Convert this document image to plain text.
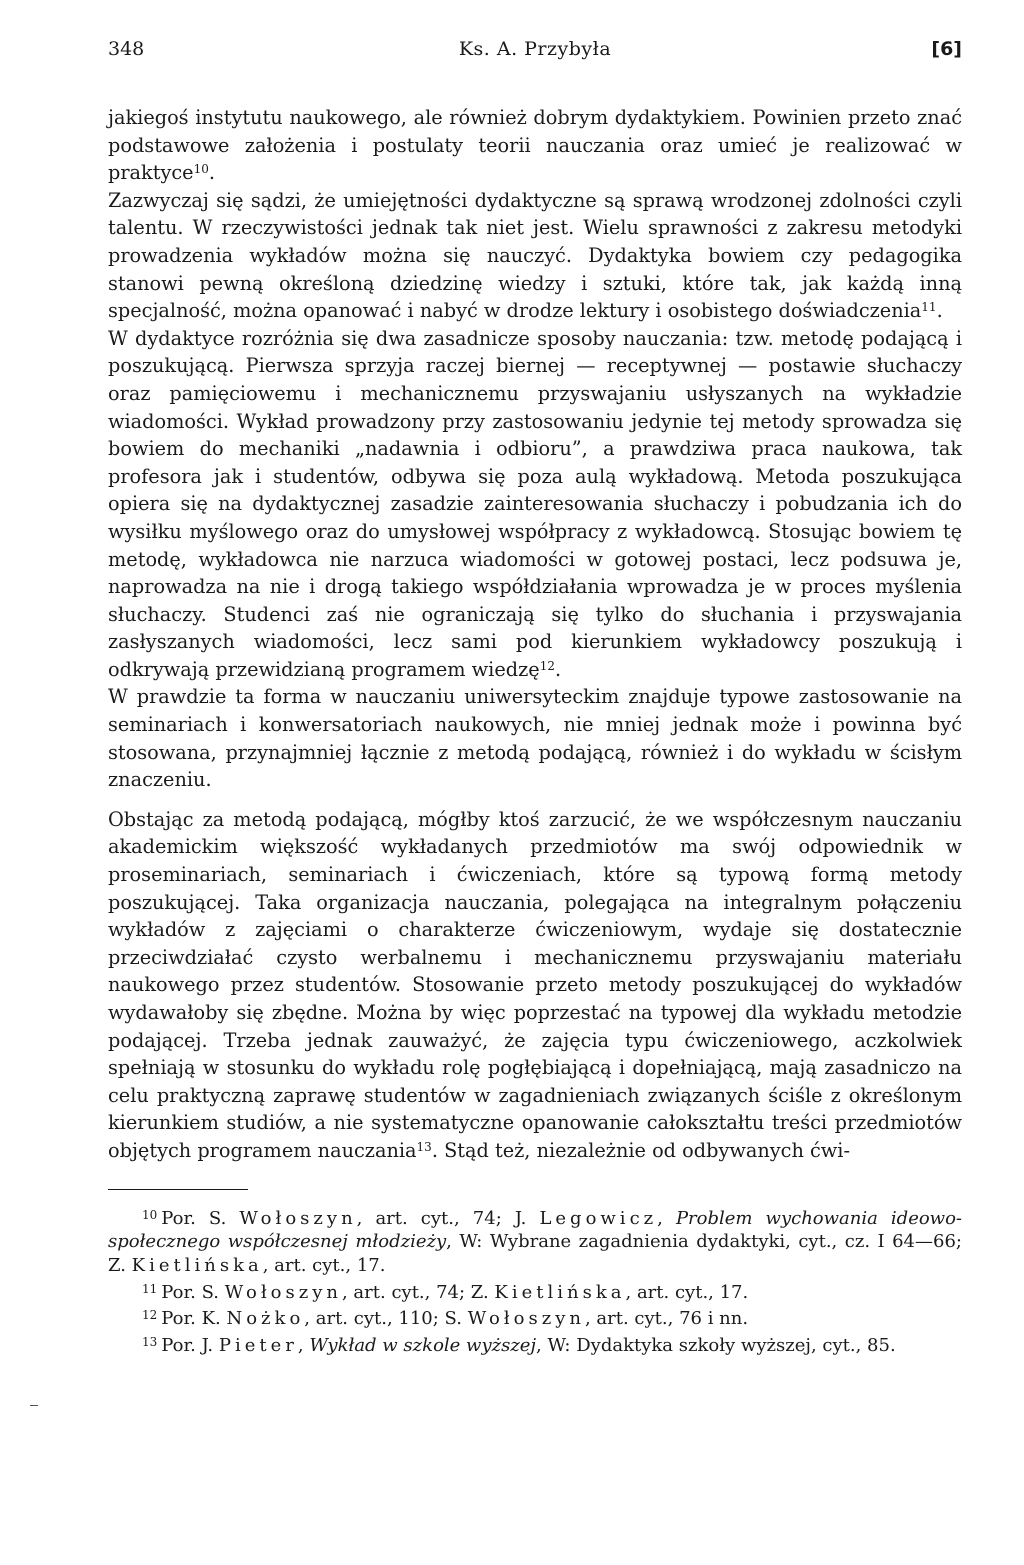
348	Ks. A. Przybyła	[6]

jakiegoś instytutu naukowego, ale również dobrym dydaktykiem. Powinien przeto znać podstawowe założenia i postulaty teorii nauczania oraz umieć je realizować w praktyce$^{10}$.

Zazwyczaj się sądzi, że umiejętności dydaktyczne są sprawą wrodzonej zdolności czyli talentu. W rzeczywistości jednak tak niet jest. Wielu sprawności z zakresu metodyki prowadzenia wykładów można się nauczyć. Dydaktyka bowiem czy pedagogika stanowi pewną określoną dziedzinę wiedzy i sztuki, które tak, jak każdą inną specjalność, można opanować i nabyć w drodze lektury i osobistego doświadczenia$^{11}$.

W dydaktyce rozróżnia się dwa zasadnicze sposoby nauczania: tzw. metodę podającą i poszukującą. Pierwsza sprzyja raczej biernej — receptywnej — postawie słuchaczy oraz pamięciowemu i mechanicznemu przyswajaniu usłyszanych na wykładzie wiadomości. Wykład prowadzony przy zastosowaniu jedynie tej metody sprowadza się bowiem do mechaniki „nadawnia i odbioru”, a prawdziwa praca naukowa, tak profesora jak i studentów, odbywa się poza aulą wykładową. Metoda poszukująca opiera się na dydaktycznej zasadzie zainteresowania słuchaczy i pobudzania ich do wysiłku myślowego oraz do umysłowej współpracy z wykładowcą. Stosując bowiem tę metodę, wykładowca nie narzuca wiadomości w gotowej postaci, lecz podsuwa je, naprowadza na nie i drogą takiego współdziałania wprowadza je w proces myślenia słuchaczy. Studenci zaś nie ograniczają się tylko do słuchania i przyswajania zasłyszanych wiadomości, lecz sami pod kierunkiem wykładowcy poszukują i odkrywają przewidzianą programem wiedzę$^{12}$.

W prawdzie ta forma w nauczaniu uniwersyteckim znajduje typowe zastosowanie na seminariach i konwersatoriach naukowych, nie mniej jednak może i powinna być stosowana, przynajmniej łącznie z metodą podającą, również i do wykładu w ścisłym znaczeniu.

Obstając za metodą podającą, mógłby ktoś zarzucić, że we współczesnym nauczaniu akademickim większość wykładanych przedmiotów ma swój odpowiednik w proseminariach, seminariach i ćwiczeniach, które są typową formą metody poszukującej. Taka organizacja nauczania, polegająca na integralnym połączeniu wykładów z zajęciami o charakterze ćwiczeniowym, wydaje się dostatecznie przeciwdziałać czysto werbalnemu i mechanicznemu przyswajaniu materiału naukowego przez studentów. Stosowanie przeto metody poszukującej do wykładów wydawałoby się zbędne. Można by więc poprzestać na typowej dla wykładu metodzie podającej. Trzeba jednak zauważyć, że zajęcia typu ćwiczeniowego, aczkolwiek spełniają w stosunku do wykładu rolę pogłębiającą i dopełniającą, mają zasadniczo na celu praktyczną zaprawę studentów w zagadnieniach związanych ściśle z określonym kierunkiem studiów, a nie systematyczne opanowanie całokształtu treści przedmiotów objętych programem nauczania$^{13}$. Stąd też, niezależnie od odbywanych ćwi-

$^{10}$ Por. S. Wołoszyn, art. cyt., 74; J. Legowicz, Problem wychowania ideowo-społecznego współczesnej młodzieży, W: Wybrane zagadnienia dydaktyki, cyt., cz. I 64—66; Z. Kietlińska, art. cyt., 17.

$^{11}$ Por. S. Wołoszyn, art. cyt., 74; Z. Kietlińska, art. cyt., 17.

$^{12}$ Por. K. Nożko, art. cyt., 110; S. Wołoszyn, art. cyt., 76 i nn.

$^{13}$ Por. J. Pieter, Wykład w szkole wyższej, W: Dydaktyka szkoły wyższej, cyt., 85.
